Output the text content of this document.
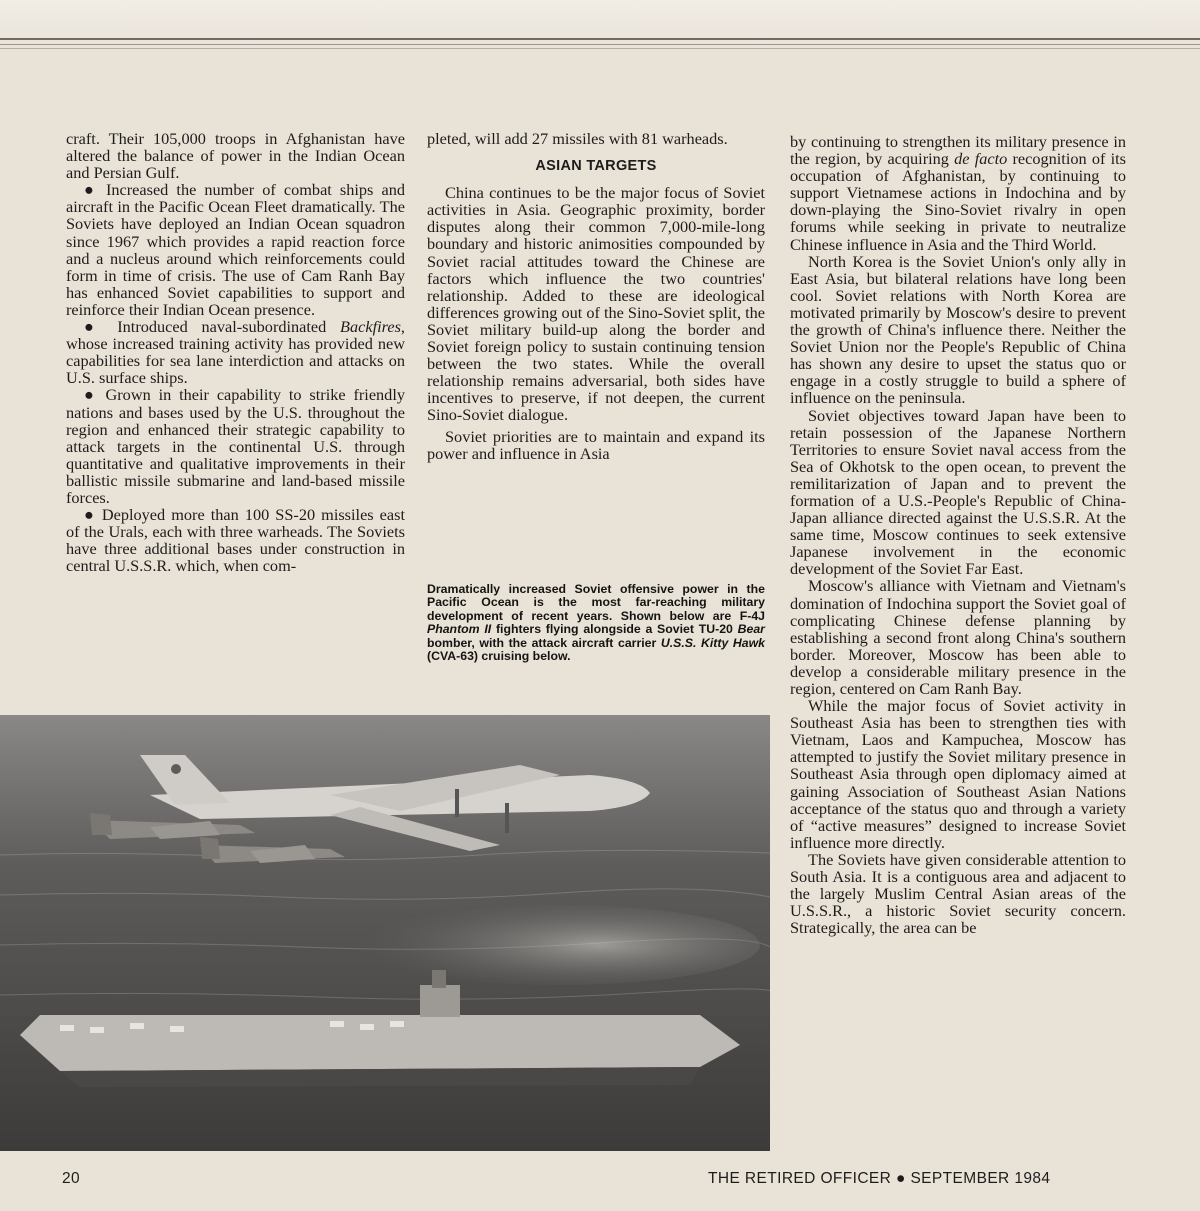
craft. Their 105,000 troops in Afghanistan have altered the balance of power in the Indian Ocean and Persian Gulf.

● Increased the number of combat ships and aircraft in the Pacific Ocean Fleet dramatically. The Soviets have deployed an Indian Ocean squadron since 1967 which provides a rapid reaction force and a nucleus around which reinforcements could form in time of crisis. The use of Cam Ranh Bay has enhanced Soviet capabilities to support and reinforce their Indian Ocean presence.

● Introduced naval-subordinated Backfires, whose increased training activity has provided new capabilities for sea lane interdiction and attacks on U.S. surface ships.

● Grown in their capability to strike friendly nations and bases used by the U.S. throughout the region and enhanced their strategic capability to attack targets in the continental U.S. through quantitative and qualitative improvements in their ballistic missile submarine and land-based missile forces.

● Deployed more than 100 SS-20 missiles east of the Urals, each with three warheads. The Soviets have three additional bases under construction in central U.S.S.R. which, when com-

pleted, will add 27 missiles with 81 warheads.

ASIAN TARGETS

China continues to be the major focus of Soviet activities in Asia. Geographic proximity, border disputes along their common 7,000-mile-long boundary and historic animosities compounded by Soviet racial attitudes toward the Chinese are factors which influence the two countries' relationship. Added to these are ideological differences growing out of the Sino-Soviet split, the Soviet military build-up along the border and Soviet foreign policy to sustain continuing tension between the two states. While the overall relationship remains adversarial, both sides have incentives to preserve, if not deepen, the current Sino-Soviet dialogue.

Soviet priorities are to maintain and expand its power and influence in Asia

Dramatically increased Soviet offensive power in the Pacific Ocean is the most far-reaching military development of recent years. Shown below are F-4J Phantom II fighters flying alongside a Soviet TU-20 Bear bomber, with the attack aircraft carrier U.S.S. Kitty Hawk (CVA-63) cruising below.

by continuing to strengthen its military presence in the region, by acquiring de facto recognition of its occupation of Afghanistan, by continuing to support Vietnamese actions in Indochina and by down-playing the Sino-Soviet rivalry in open forums while seeking in private to neutralize Chinese influence in Asia and the Third World.

North Korea is the Soviet Union's only ally in East Asia, but bilateral relations have long been cool. Soviet relations with North Korea are motivated primarily by Moscow's desire to prevent the growth of China's influence there. Neither the Soviet Union nor the People's Republic of China has shown any desire to upset the status quo or engage in a costly struggle to build a sphere of influence on the peninsula.

Soviet objectives toward Japan have been to retain possession of the Japanese Northern Territories to ensure Soviet naval access from the Sea of Okhotsk to the open ocean, to prevent the remilitarization of Japan and to prevent the formation of a U.S.-People's Republic of China-Japan alliance directed against the U.S.S.R. At the same time, Moscow continues to seek extensive Japanese involvement in the economic development of the Soviet Far East.

Moscow's alliance with Vietnam and Vietnam's domination of Indochina support the Soviet goal of complicating Chinese defense planning by establishing a second front along China's southern border. Moreover, Moscow has been able to develop a considerable military presence in the region, centered on Cam Ranh Bay.

While the major focus of Soviet activity in Southeast Asia has been to strengthen ties with Vietnam, Laos and Kampuchea, Moscow has attempted to justify the Soviet military presence in Southeast Asia through open diplomacy aimed at gaining Association of Southeast Asian Nations acceptance of the status quo and through a variety of “active measures” designed to increase Soviet influence more directly.

The Soviets have given considerable attention to South Asia. It is a contiguous area and adjacent to the largely Muslim Central Asian areas of the U.S.S.R., a historic Soviet security concern. Strategically, the area can be

20	THE RETIRED OFFICER ● SEPTEMBER 1984
